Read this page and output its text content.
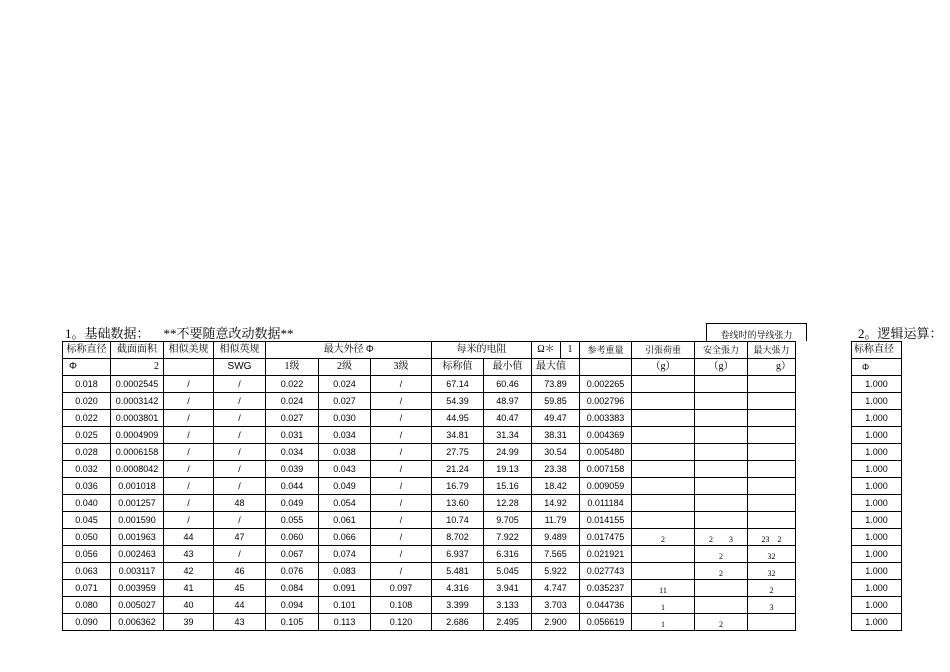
1。基础数据： **不要随意改动数据**	卷线时的导线张力	2。逻辑运算：
标称直径	截面面积	相似美规	相似英规	最大外径 Φ			每米的电阻		Ω＊	1	参考重量	引張荷重	安全張力	最大張力
Φ	2		SWG	1级	2级	3级	标称值	最小值	最大值			（g）	（g）	g）
0.018	0.0002545	/	/	0.022	0.024	/	67.14	60.46	73.89		0.002265			
0.020	0.0003142	/	/	0.024	0.027	/	54.39	48.97	59.85		0.002796			
0.022	0.0003801	/	/	0.027	0.030	/	44.95	40.47	49.47		0.003383			
0.025	0.0004909	/	/	0.031	0.034	/	34.81	31.34	38.31		0.004369			
0.028	0.0006158	/	/	0.034	0.038	/	27.75	24.99	30.54		0.005480			
0.032	0.0008042	/	/	0.039	0.043	/	21.24	19.13	23.38		0.007158			
0.036	0.001018	/	/	0.044	0.049	/	16.79	15.16	18.42		0.009059			
0.040	0.001257	/	48	0.049	0.054	/	13.60	12.28	14.92		0.011184			
0.045	0.001590	/	/	0.055	0.061	/	10.74	9.705	11.79		0.014155			
0.050	0.001963	44	47	0.060	0.066	/	8.702	7.922	9.489		0.017475	2	2　　3	23　2
0.056	0.002463	43	/	0.067	0.074	/	6.937	6.316	7.565		0.021921		2	32
0.063	0.003117	42	46	0.076	0.083	/	5.481	5.045	5.922		0.027743		2	32
0.071	0.003959	41	45	0.084	0.091	0.097	4.316	3.941	4.747		0.035237	11		2
0.080	0.005027	40	44	0.094	0.101	0.108	3.399	3.133	3.703		0.044736	1		3
0.090	0.006362	39	43	0.105	0.113	0.120	2.686	2.495	2.900		0.056619	1	2	
标称直径
Φ
1.000
1.000
1.000
1.000
1.000
1.000
1.000
1.000
1.000
1.000
1.000
1.000
1.000
1.000
1.000
